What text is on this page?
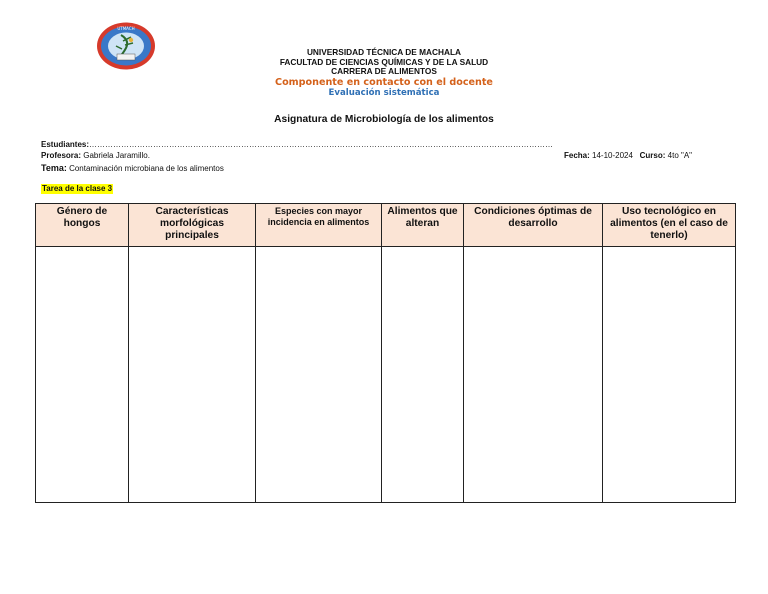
UTMACH
UNIVERSIDAD TÉCNICA DE MACHALA
FACULTAD DE CIENCIAS QUÍMICAS Y DE LA SALUD
CARRERA DE ALIMENTOS
Componente en contacto con el docente
Evaluación sistemática
Asignatura de Microbiología de los alimentos
Estudiantes:…………………………………………………………………………………………………………………………………………………………
Profesora: Gabriela Jaramillo.
Tema: Contaminación microbiana de los alimentos
Fecha: 14-10-2024 Curso: 4to "A"
Tarea de la clase 3
Género de hongos	Características morfológicas principales	Especies con mayor incidencia en alimentos	Alimentos que alteran	Condiciones óptimas de desarrollo	Uso tecnológico en alimentos (en el caso de tenerlo)
